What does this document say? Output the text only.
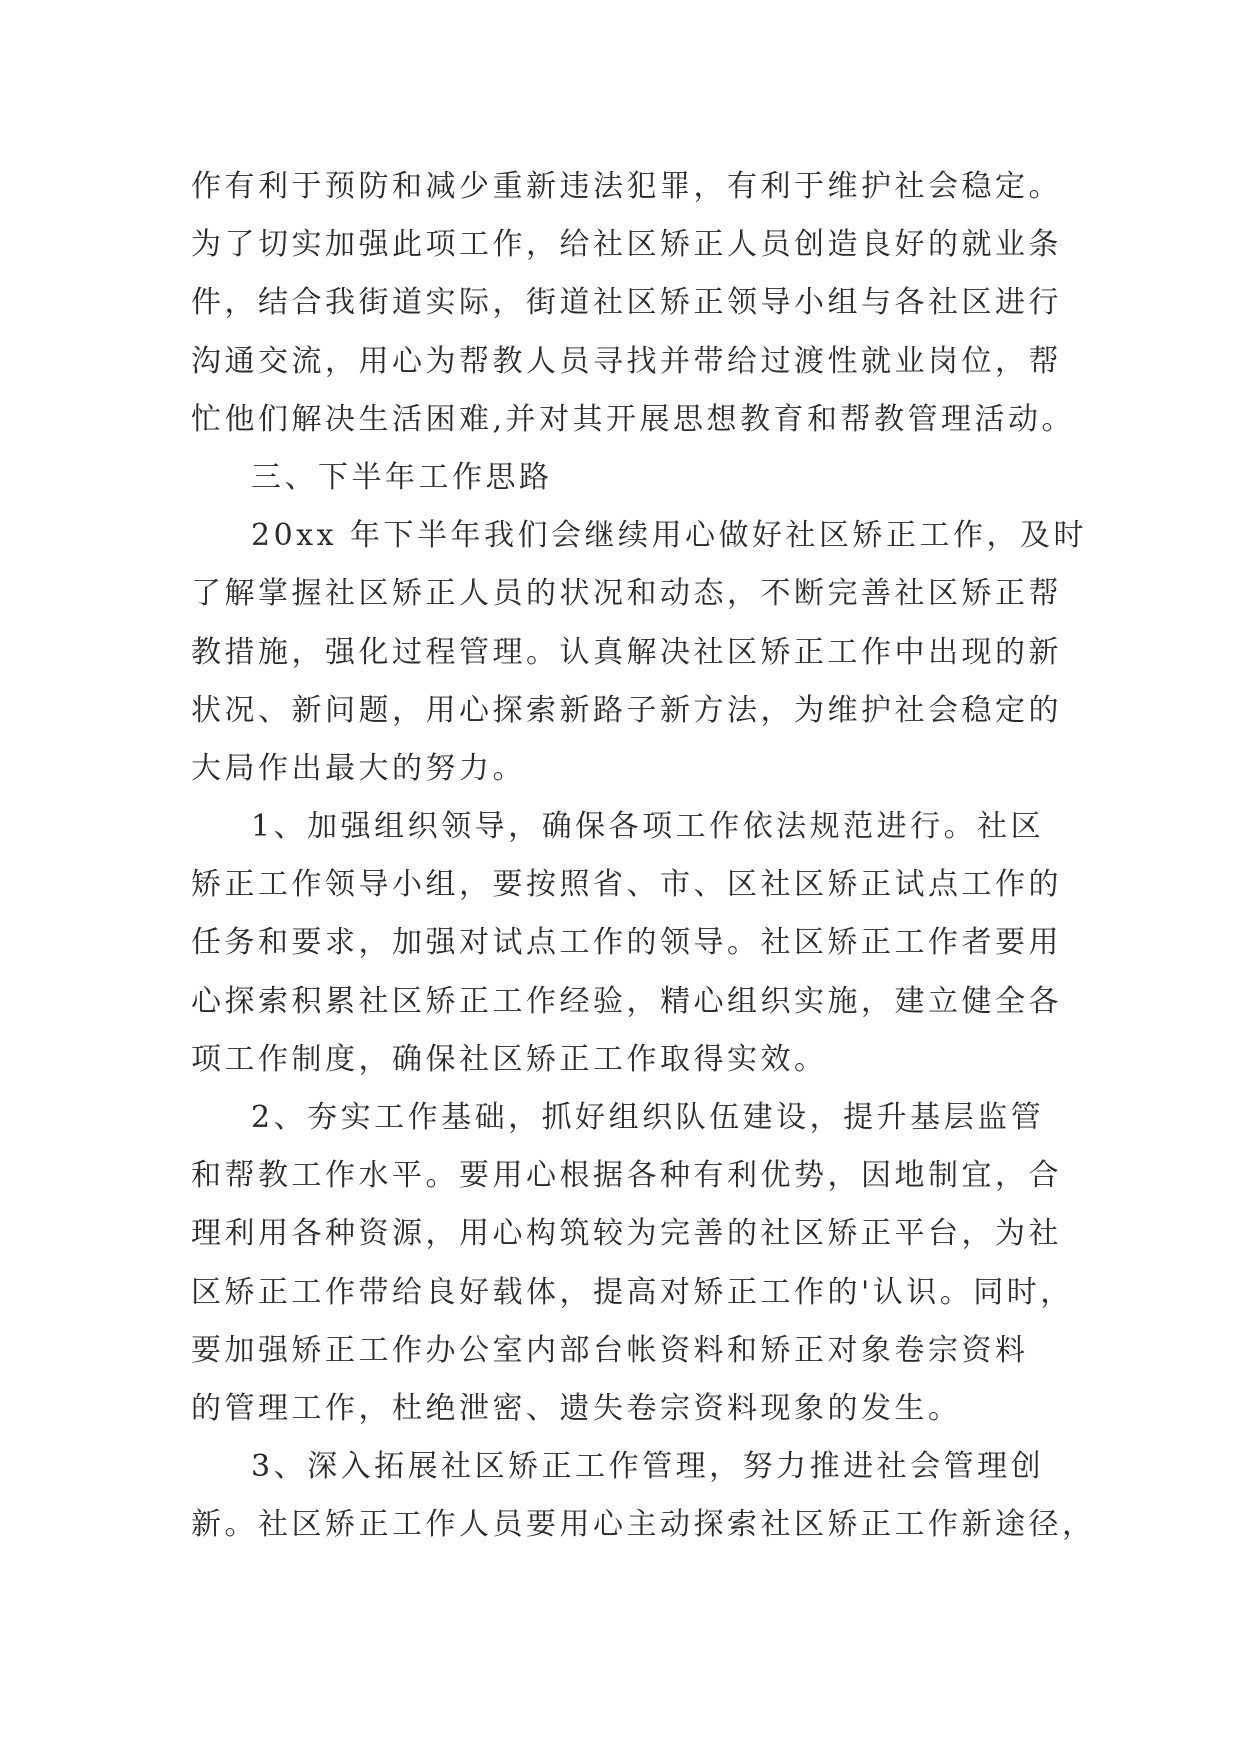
作有利于预防和减少重新违法犯罪，有利于维护社会稳定。
为了切实加强此项工作，给社区矫正人员创造良好的就业条
件，结合我街道实际，街道社区矫正领导小组与各社区进行
沟通交流，用心为帮教人员寻找并带给过渡性就业岗位，帮
忙他们解决生活困难,并对其开展思想教育和帮教管理活动。
三、下半年工作思路
20xx 年下半年我们会继续用心做好社区矫正工作，及时
了解掌握社区矫正人员的状况和动态，不断完善社区矫正帮
教措施，强化过程管理。认真解决社区矫正工作中出现的新
状况、新问题，用心探索新路子新方法，为维护社会稳定的
大局作出最大的努力。
1、加强组织领导，确保各项工作依法规范进行。社区
矫正工作领导小组，要按照省、市、区社区矫正试点工作的
任务和要求，加强对试点工作的领导。社区矫正工作者要用
心探索积累社区矫正工作经验，精心组织实施，建立健全各
项工作制度，确保社区矫正工作取得实效。
2、夯实工作基础，抓好组织队伍建设，提升基层监管
和帮教工作水平。要用心根据各种有利优势，因地制宜，合
理利用各种资源，用心构筑较为完善的社区矫正平台，为社
区矫正工作带给良好载体，提高对矫正工作的'认识。同时，
要加强矫正工作办公室内部台帐资料和矫正对象卷宗资料
的管理工作，杜绝泄密、遗失卷宗资料现象的发生。
3、深入拓展社区矫正工作管理，努力推进社会管理创
新。社区矫正工作人员要用心主动探索社区矫正工作新途径，
